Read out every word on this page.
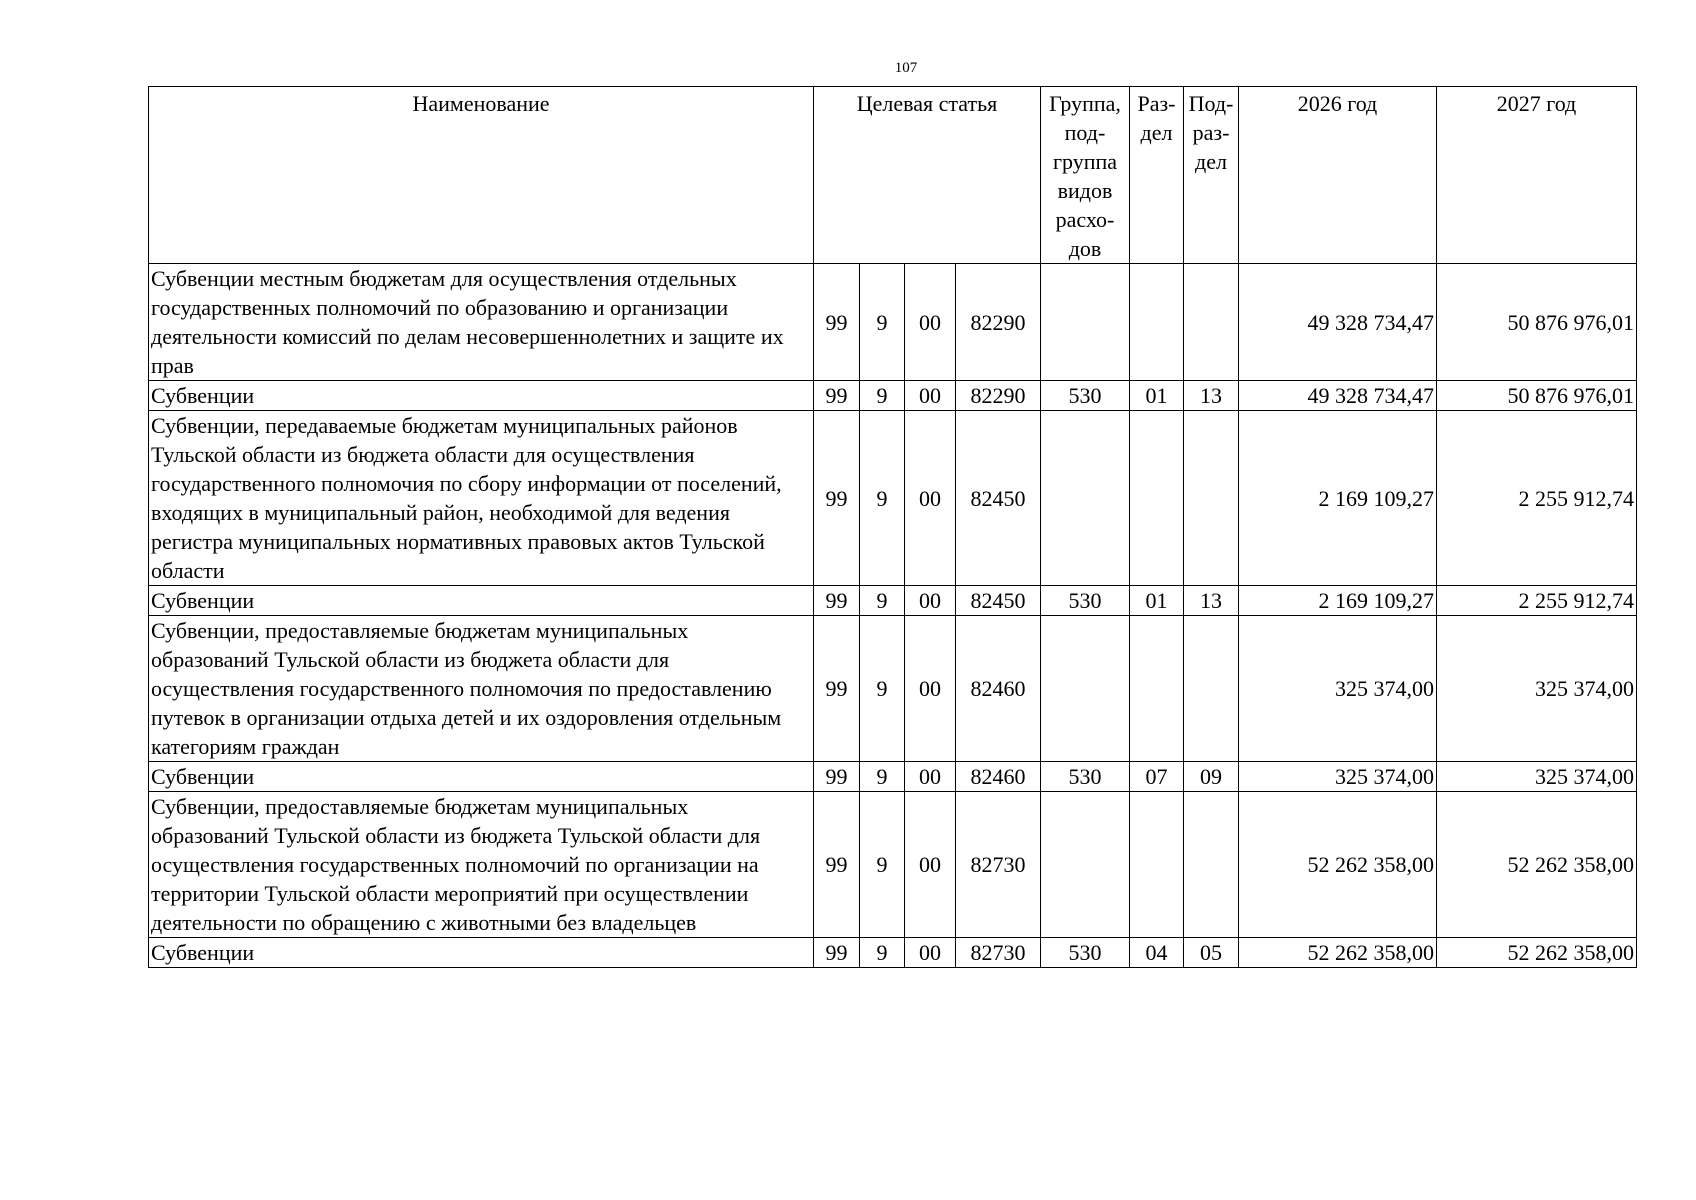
107
Наименование	Целевая статья				Группа, под-группа видов расхо-дов	Раз-дел	Под-раз-дел	2026 год	2027 год
Субвенции местным бюджетам для осуществления отдельных государственных полномочий по образованию и организации деятельности комиссий по делам несовершеннолетних и защите их прав	99	9	00	82290				49 328 734,47	50 876 976,01
Субвенции	99	9	00	82290	530	01	13	49 328 734,47	50 876 976,01
Субвенции, передаваемые бюджетам муниципальных районов Тульской области из бюджета области для осуществления государственного полномочия по сбору информации от поселений, входящих в муниципальный район, необходимой для ведения регистра муниципальных нормативных правовых актов Тульской области	99	9	00	82450				2 169 109,27	2 255 912,74
Субвенции	99	9	00	82450	530	01	13	2 169 109,27	2 255 912,74
Субвенции, предоставляемые бюджетам муниципальных образований Тульской области из бюджета области для осуществления государственного полномочия по предоставлению путевок в организации отдыха детей и их оздоровления отдельным категориям граждан	99	9	00	82460				325 374,00	325 374,00
Субвенции	99	9	00	82460	530	07	09	325 374,00	325 374,00
Субвенции, предоставляемые бюджетам муниципальных образований Тульской области из бюджета Тульской области для осуществления государственных полномочий по организации на территории Тульской области мероприятий при осуществлении деятельности по обращению с животными без владельцев	99	9	00	82730				52 262 358,00	52 262 358,00
Субвенции	99	9	00	82730	530	04	05	52 262 358,00	52 262 358,00
